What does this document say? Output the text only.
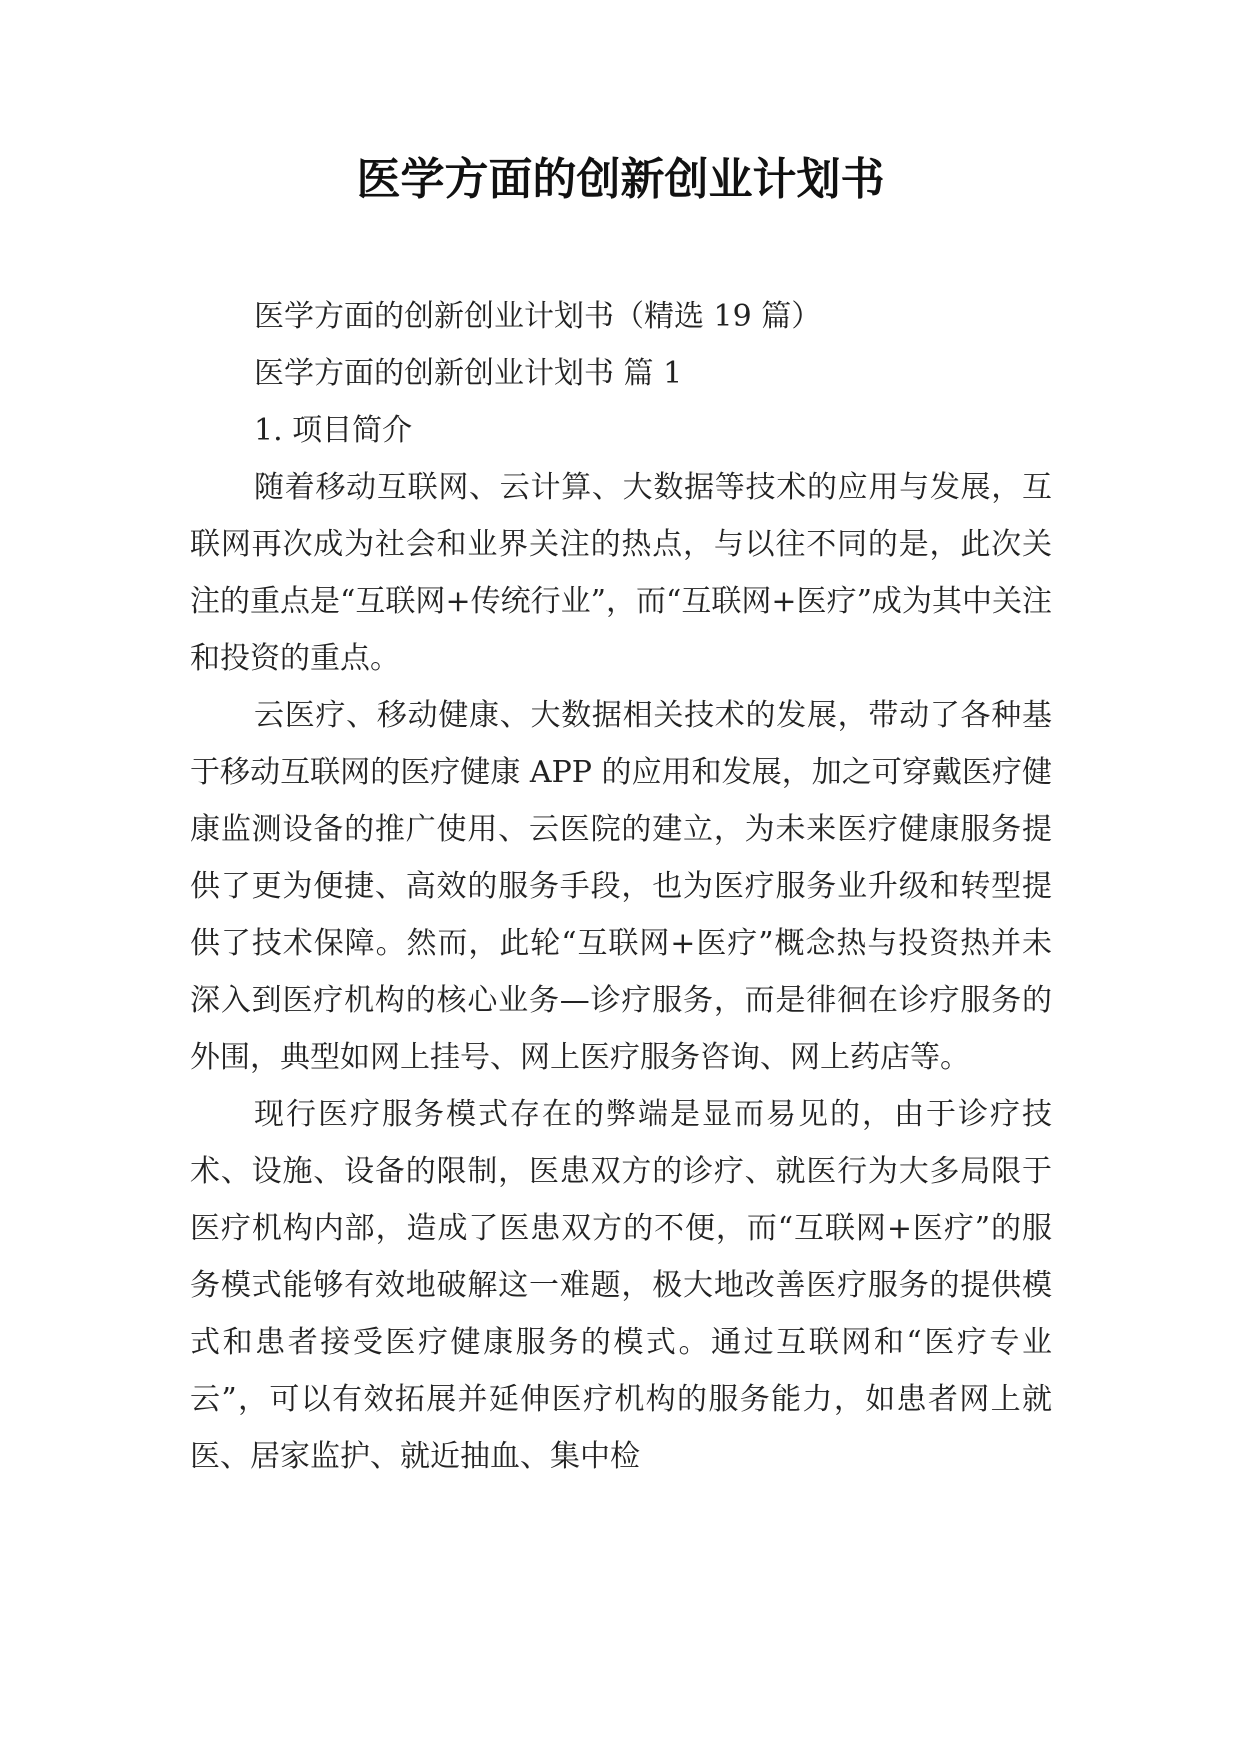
医学方面的创新创业计划书

医学方面的创新创业计划书（精选 19 篇）

医学方面的创新创业计划书 篇 1

1. 项目简介

随着移动互联网、云计算、大数据等技术的应用与发展，互联网再次成为社会和业界关注的热点，与以往不同的是，此次关注的重点是“互联网+传统行业”，而“互联网+医疗”成为其中关注和投资的重点。

云医疗、移动健康、大数据相关技术的发展，带动了各种基于移动互联网的医疗健康 APP 的应用和发展，加之可穿戴医疗健康监测设备的推广使用、云医院的建立，为未来医疗健康服务提供了更为便捷、高效的服务手段，也为医疗服务业升级和转型提供了技术保障。然而，此轮“互联网+医疗”概念热与投资热并未深入到医疗机构的核心业务—诊疗服务，而是徘徊在诊疗服务的外围，典型如网上挂号、网上医疗服务咨询、网上药店等。

现行医疗服务模式存在的弊端是显而易见的，由于诊疗技术、设施、设备的限制，医患双方的诊疗、就医行为大多局限于医疗机构内部，造成了医患双方的不便，而“互联网+医疗”的服务模式能够有效地破解这一难题，极大地改善医疗服务的提供模式和患者接受医疗健康服务的模式。通过互联网和“医疗专业云”，可以有效拓展并延伸医疗机构的服务能力，如患者网上就医、居家监护、就近抽血、集中检
